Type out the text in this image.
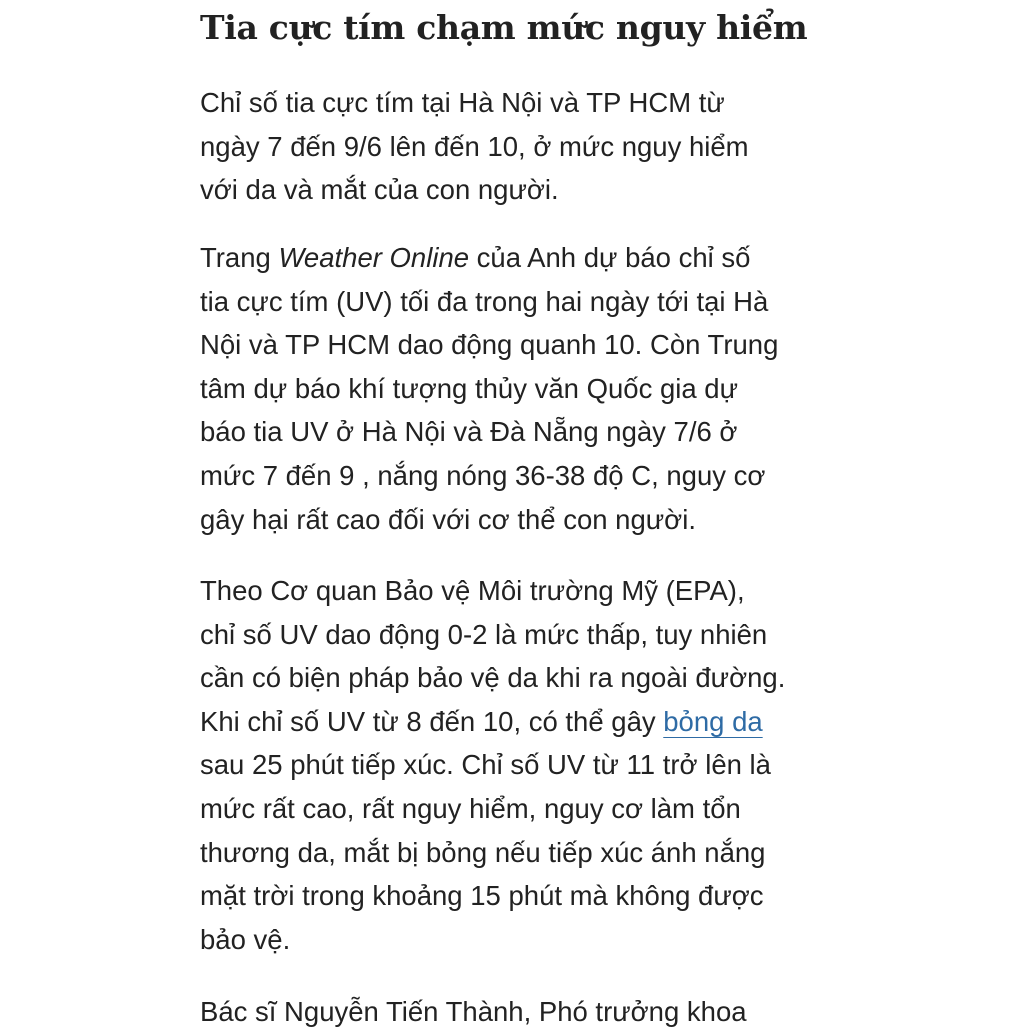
Tia cực tím chạm mức nguy hiểm
Chỉ số tia cực tím tại Hà Nội và TP HCM từ
ngày 7 đến 9/6 lên đến 10, ở mức nguy hiểm
với da và mắt của con người.
Trang Weather Online của Anh dự báo chỉ số
tia cực tím (UV) tối đa trong hai ngày tới tại Hà
Nội và TP HCM dao động quanh 10. Còn Trung
tâm dự báo khí tượng thủy văn Quốc gia dự
báo tia UV ở Hà Nội và Đà Nẵng ngày 7/6 ở
mức 7 đến 9 , nắng nóng 36-38 độ C, nguy cơ
gây hại rất cao đối với cơ thể con người.
Theo Cơ quan Bảo vệ Môi trường Mỹ (EPA),
chỉ số UV dao động 0-2 là mức thấp, tuy nhiên
cần có biện pháp bảo vệ da khi ra ngoài đường.
Khi chỉ số UV từ 8 đến 10, có thể gây bỏng da
sau 25 phút tiếp xúc. Chỉ số UV từ 11 trở lên là
mức rất cao, rất nguy hiểm, nguy cơ làm tổn
thương da, mắt bị bỏng nếu tiếp xúc ánh nắng
mặt trời trong khoảng 15 phút mà không được
bảo vệ.
Bác sĩ Nguyễn Tiến Thành, Phó trưởng khoa
